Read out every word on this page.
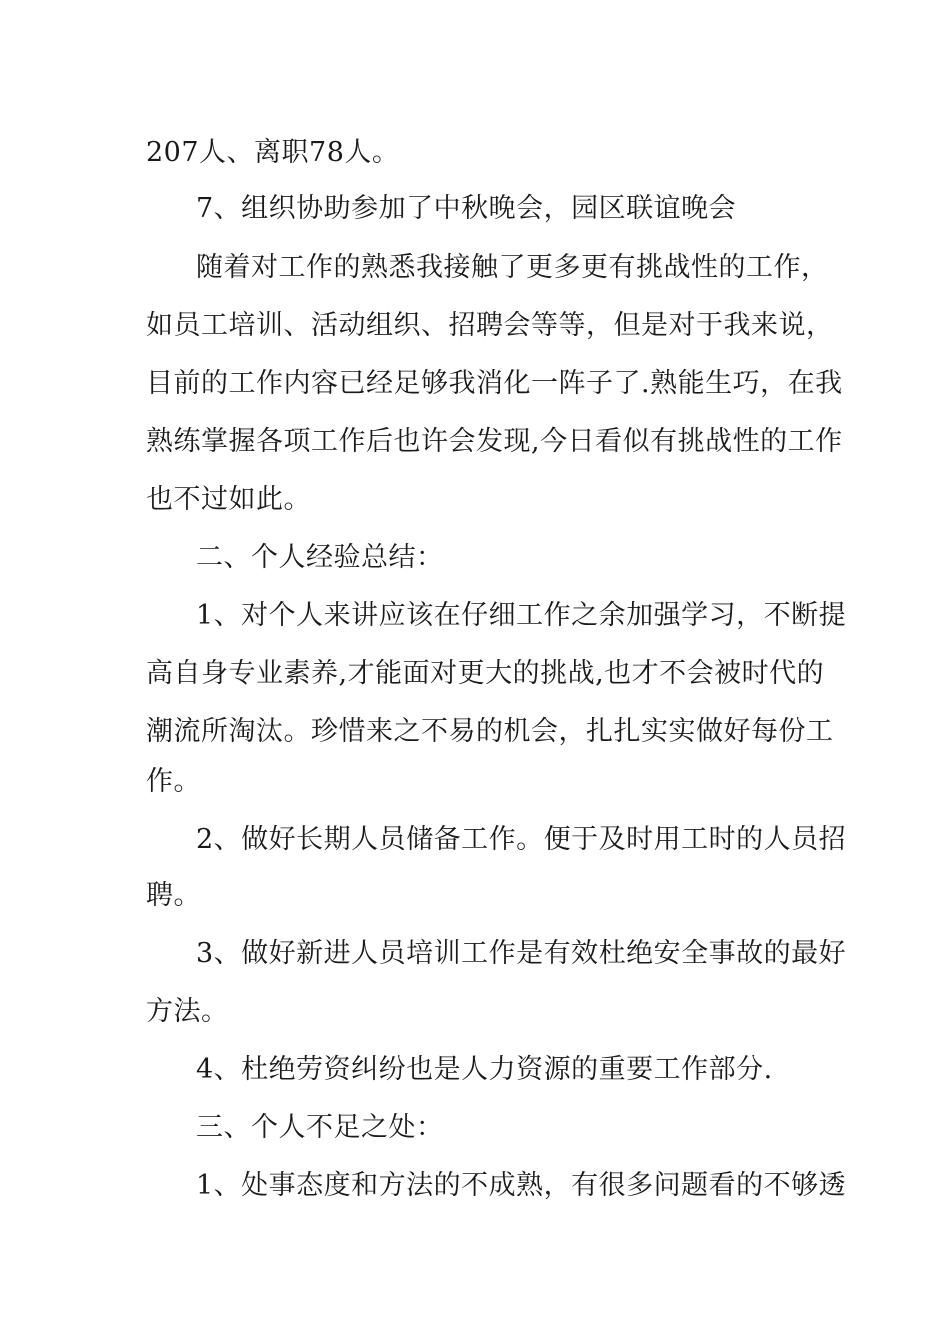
207人、离职78人。
7、组织协助参加了中秋晚会，园区联谊晚会
随着对工作的熟悉我接触了更多更有挑战性的工作，
如员工培训、活动组织、招聘会等等，但是对于我来说，
目前的工作内容已经足够我消化一阵子了.熟能生巧，在我
熟练掌握各项工作后也许会发现,今日看似有挑战性的工作
也不过如此。
二、个人经验总结：
1、对个人来讲应该在仔细工作之余加强学习，不断提
高自身专业素养,才能面对更大的挑战,也才不会被时代的
潮流所淘汰。珍惜来之不易的机会，扎扎实实做好每份工
作。
2、做好长期人员储备工作。便于及时用工时的人员招
聘。
3、做好新进人员培训工作是有效杜绝安全事故的最好
方法。
4、杜绝劳资纠纷也是人力资源的重要工作部分.
三、个人不足之处：
1、处事态度和方法的不成熟，有很多问题看的不够透
